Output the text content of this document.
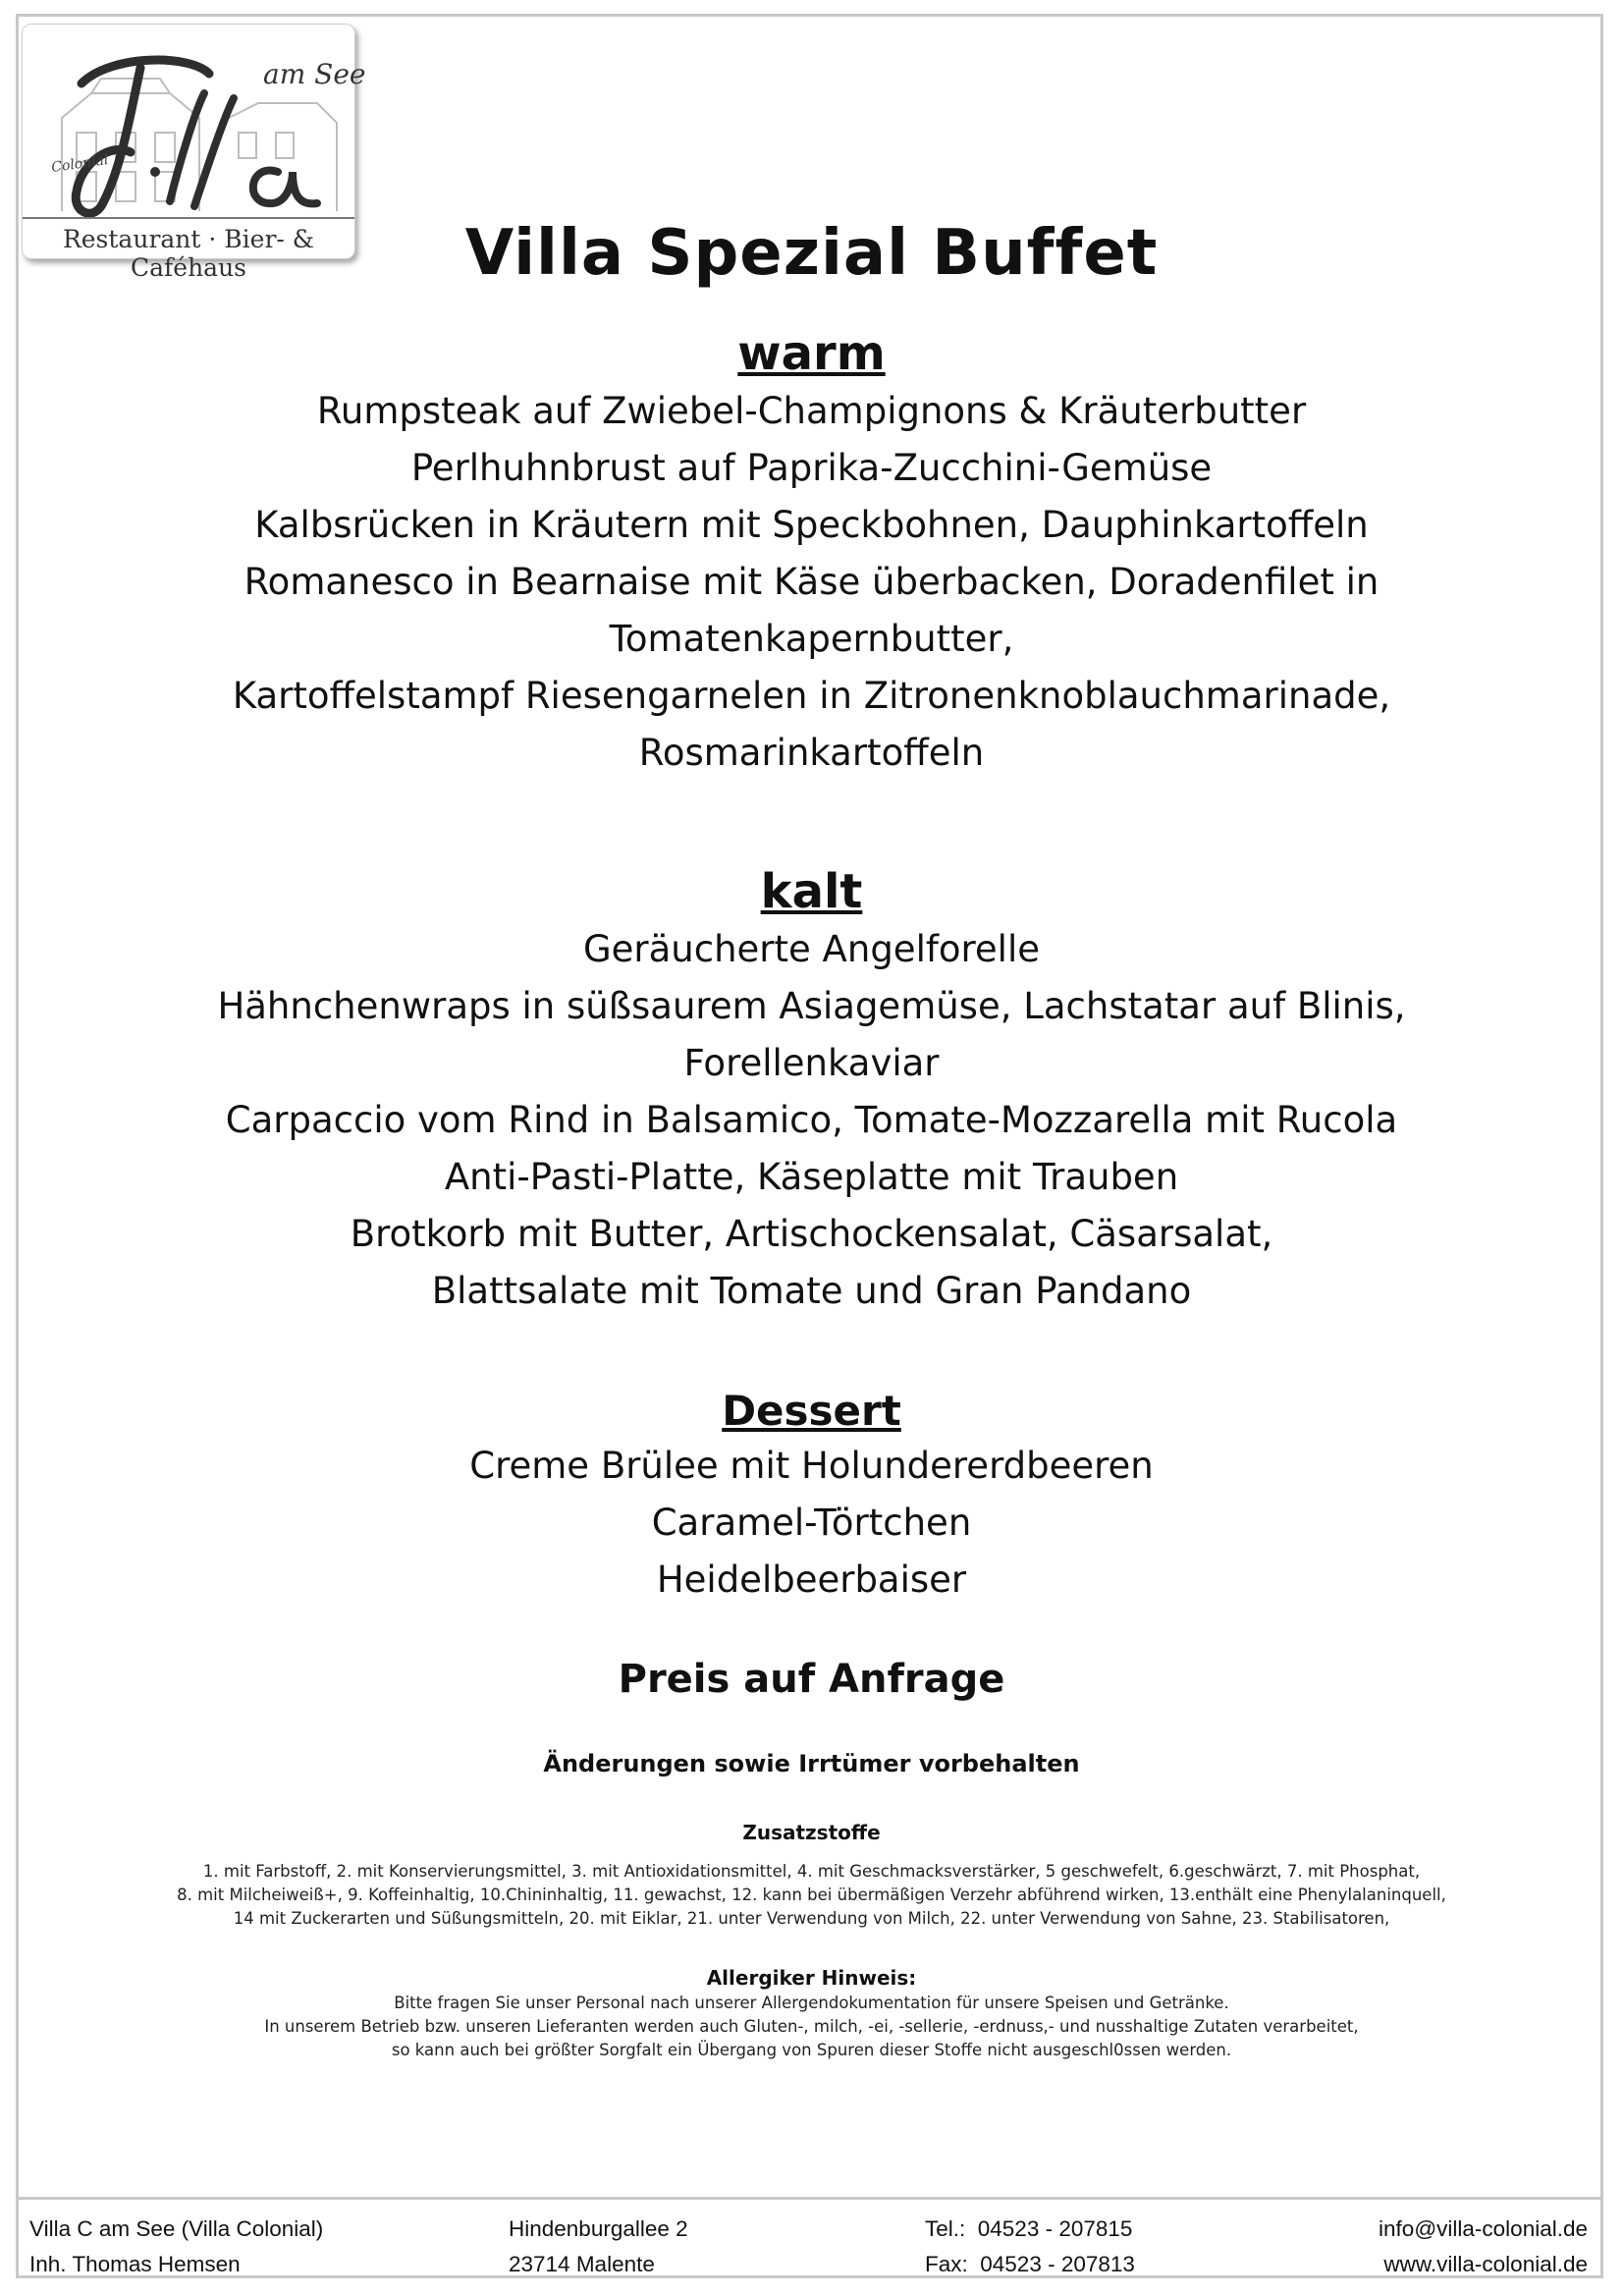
am See
Colonial
Restaurant · Bier- & Caféhaus	Villa Spezial Buffet
warm
Rumpsteak auf Zwiebel-Champignons & Kräuterbutter
Perlhuhnbrust auf Paprika-Zucchini-Gemüse
Kalbsrücken in Kräutern mit Speckbohnen, Dauphinkartoffeln
Romanesco in Bearnaise mit Käse überbacken, Doradenfilet in
Tomatenkapernbutter,
Kartoffelstampf Riesengarnelen in Zitronenknoblauchmarinade,
Rosmarinkartoffeln
kalt
Geräucherte Angelforelle
Hähnchenwraps in süßsaurem Asiagemüse, Lachstatar auf Blinis,
Forellenkaviar
Carpaccio vom Rind in Balsamico, Tomate-Mozzarella mit Rucola
Anti-Pasti-Platte, Käseplatte mit Trauben
Brotkorb mit Butter, Artischockensalat, Cäsarsalat,
Blattsalate mit Tomate und Gran Pandano
Dessert
Creme Brülee mit Holundererdbeeren
Caramel-Törtchen
Heidelbeerbaiser
Preis auf Anfrage
Änderungen sowie Irrtümer vorbehalten
Zusatzstoffe
1. mit Farbstoff, 2. mit Konservierungsmittel, 3. mit Antioxidationsmittel, 4. mit Geschmacksverstärker, 5 geschwefelt, 6.geschwärzt, 7. mit Phosphat,
8. mit Milcheiweiß+, 9. Koffeinhaltig, 10.Chininhaltig, 11. gewachst, 12. kann bei übermäßigen Verzehr abführend wirken, 13.enthält eine Phenylalaninquell,
14 mit Zuckerarten und Süßungsmitteln, 20. mit Eiklar, 21. unter Verwendung von Milch, 22. unter Verwendung von Sahne, 23. Stabilisatoren,
Allergiker Hinweis:
Bitte fragen Sie unser Personal nach unserer Allergendokumentation für unsere Speisen und Getränke.
In unserem Betrieb bzw. unseren Lieferanten werden auch Gluten-, milch, -ei, -sellerie, -erdnuss,- und nusshaltige Zutaten verarbeitet,
so kann auch bei größter Sorgfalt ein Übergang von Spuren dieser Stoffe nicht ausgeschl0ssen werden.
Villa C am See (Villa Colonial)
Inh. Thomas Hemsen
Hindenburgallee 2
23714 Malente
Tel.:  04523 - 207815
Fax:  04523 - 207813
info@villa-colonial.de
www.villa-colonial.de
